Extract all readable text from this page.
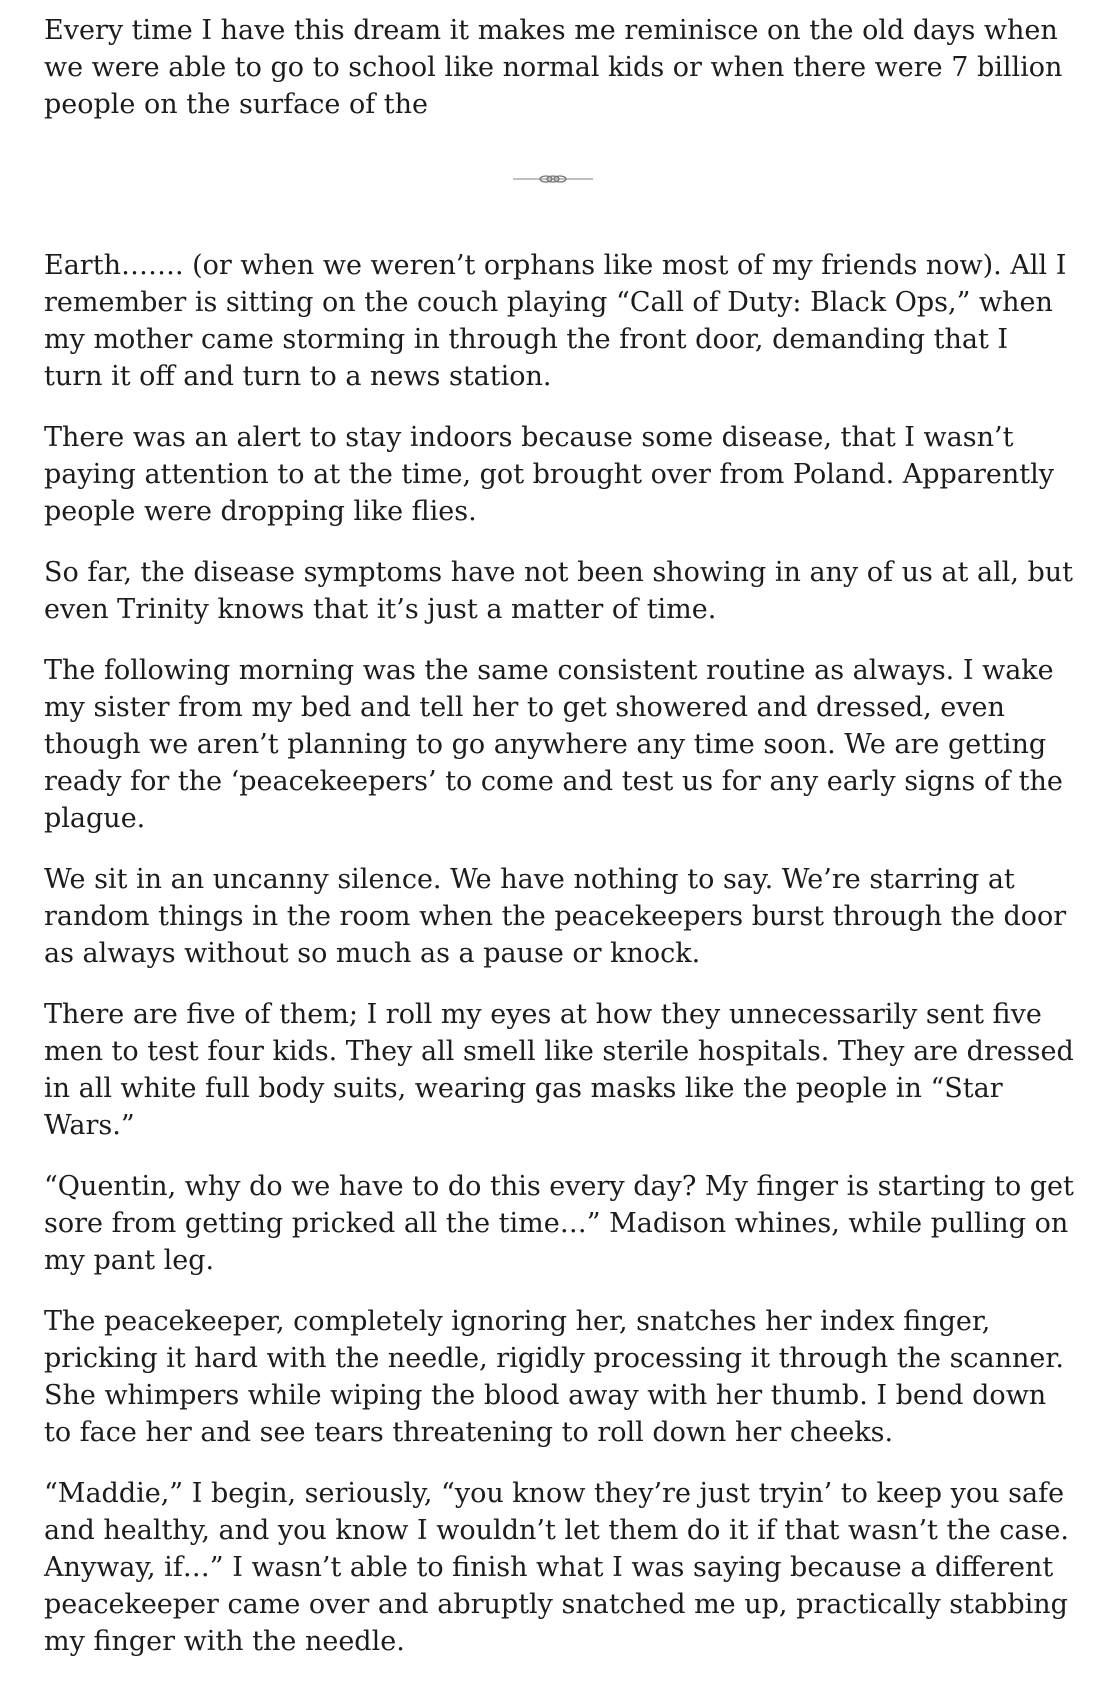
Every time I have this dream it makes me reminisce on the old days when we were able to go to school like normal kids or when there were 7 billion people on the surface of the

Earth……. (or when we weren’t orphans like most of my friends now). All I remember is sitting on the couch playing “Call of Duty: Black Ops,” when my mother came storming in through the front door, demanding that I turn it off and turn to a news station.

There was an alert to stay indoors because some disease, that I wasn’t paying attention to at the time, got brought over from Poland. Apparently people were dropping like flies.

So far, the disease symptoms have not been showing in any of us at all, but even Trinity knows that it’s just a matter of time.

The following morning was the same consistent routine as always. I wake my sister from my bed and tell her to get showered and dressed, even though we aren’t planning to go anywhere any time soon. We are getting ready for the ‘peacekeepers’ to come and test us for any early signs of the plague.

We sit in an uncanny silence. We have nothing to say. We’re starring at random things in the room when the peacekeepers burst through the door as always without so much as a pause or knock.

There are five of them; I roll my eyes at how they unnecessarily sent five men to test four kids. They all smell like sterile hospitals. They are dressed in all white full body suits, wearing gas masks like the people in “Star Wars.”

“Quentin, why do we have to do this every day? My finger is starting to get sore from getting pricked all the time…” Madison whines, while pulling on my pant leg.

The peacekeeper, completely ignoring her, snatches her index finger, pricking it hard with the needle, rigidly processing it through the scanner. She whimpers while wiping the blood away with her thumb. I bend down to face her and see tears threatening to roll down her cheeks.

“Maddie,” I begin, seriously, “you know they’re just tryin’ to keep you safe and healthy, and you know I wouldn’t let them do it if that wasn’t the case. Anyway, if…” I wasn’t able to finish what I was saying because a different peacekeeper came over and abruptly snatched me up, practically stabbing my finger with the needle.
